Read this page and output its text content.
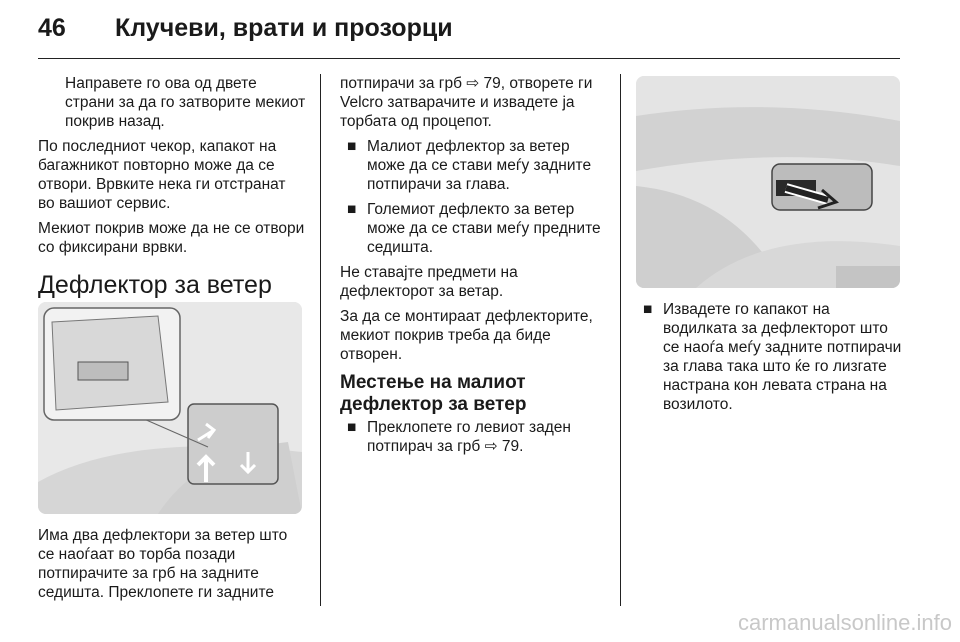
46 Клучеви, врати и прозорци

Направете го ова од двете страни за да го затворите мекиот покрив назад.

По последниот чекор, капакот на багажникот повторно може да се отвори. Врвките нека ги отстранат во вашиот сервис.

Мекиот покрив може да не се отвори со фиксирани врвки.

Дефлектор за ветер
Има два дефлектори за ветер што се наоѓаат во торба позади потпирачите за грб на задните седишта. Преклопете ги задните

потпирачи за грб ⇨ 79, отворете ги Velcro затварачите и извадете ја торбата од процепот.

■ Малиот дефлектор за ветер може да се стави меѓу задните потпирачи за глава.
■ Големиот дефлекто за ветер може да се стави меѓу предните седишта.

Не ставајте предмети на дефлекторот за ветар.

За да се монтираат дефлекторите, мекиот покрив треба да биде отворен.

Местење на малиот дефлектор за ветер
■ Преклопете го левиот заден потпирач за грб ⇨ 79.
■ Извадете го капакот на водилката за дефлекторот што се наоѓа меѓу задните потпирачи за глава така што ќе го лизгате настрана кон левата страна на возилото.
carmanualsonline.info
